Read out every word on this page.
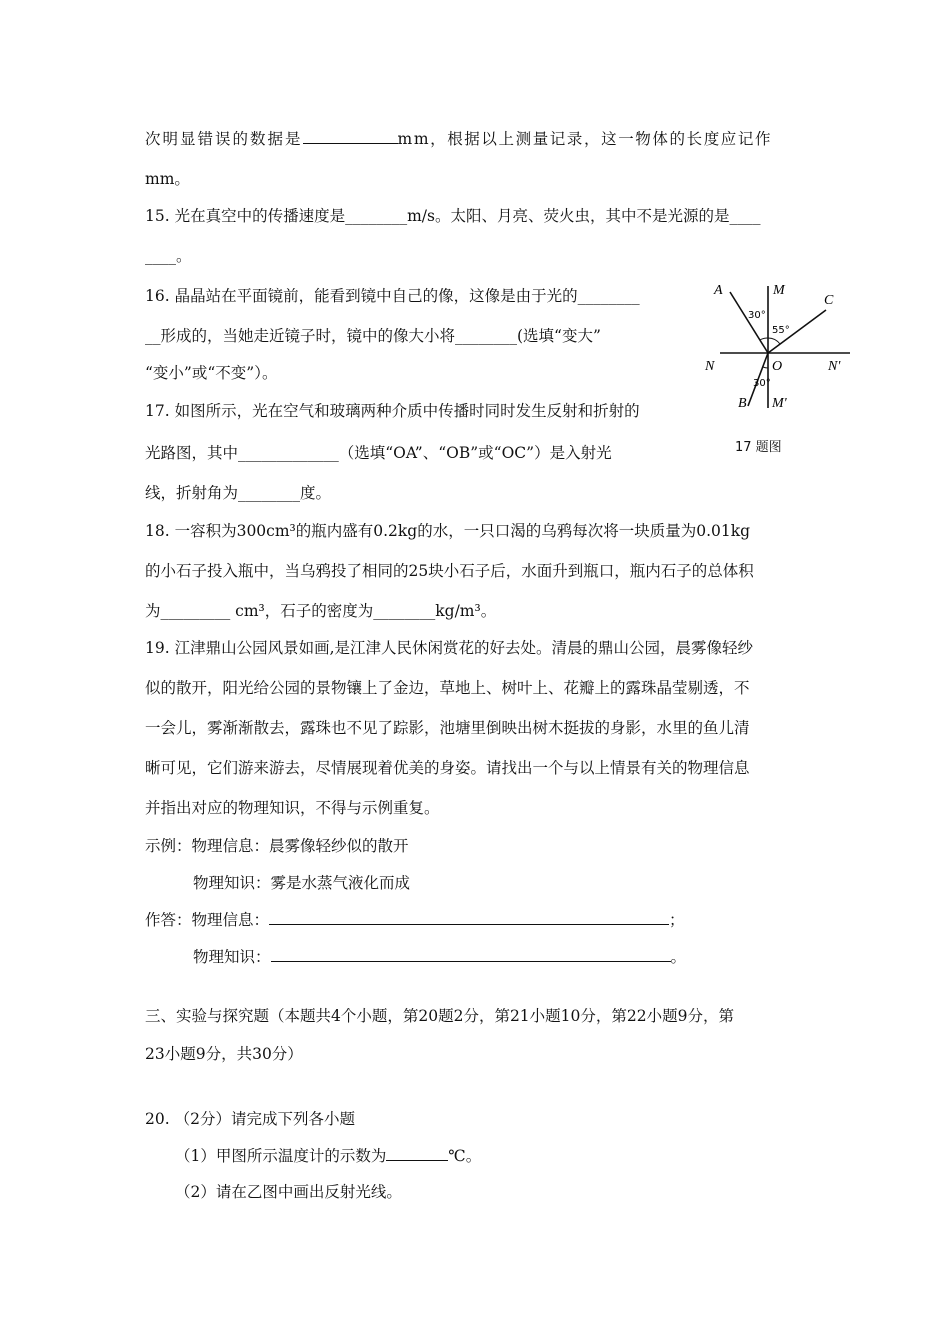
次明显错误的数据是	mm，根据以上测量记录，这一物体的长度应记作
mm。
15. 光在真空中的传播速度是________m/s。太阳、月亮、荧火虫，其中不是光源的是____
____。
16. 晶晶站在平面镜前，能看到镜中自己的像，这像是由于光的________
__形成的，当她走近镜子时，镜中的像大小将________(选填“变大”
“变小”或“不变”）。
17. 如图所示，光在空气和玻璃两种介质中传播时同时发生反射和折射的
光路图，其中_____________（选填“OA”、“OB”或“OC”）是入射光
线，折射角为________度。
18. 一容积为300cm³的瓶内盛有0.2kg的水，一只口渴的乌鸦每次将一块质量为0.01kg
的小石子投入瓶中，当乌鸦投了相同的25块小石子后，水面升到瓶口，瓶内石子的总体积
为_________ cm³，石子的密度为________kg/m³。
19. 江津鼎山公园风景如画,是江津人民休闲赏花的好去处。清晨的鼎山公园，晨雾像轻纱
似的散开，阳光给公园的景物镶上了金边，草地上、树叶上、花瓣上的露珠晶莹剔透，不
一会儿，雾渐渐散去，露珠也不见了踪影，池塘里倒映出树木挺拔的身影，水里的鱼儿清
晰可见，它们游来游去，尽情展现着优美的身姿。请找出一个与以上情景有关的物理信息
并指出对应的物理知识，不得与示例重复。
示例：物理信息：晨雾像轻纱似的散开
物理知识：雾是水蒸气液化而成
作答：物理信息：	；
物理知识：	。
三、实验与探究题（本题共4个小题，第20题2分，第21小题10分，第22小题9分，第
23小题9分，共30分）
20. （2分）请完成下列各小题
（1）甲图所示温度计的示数为	℃。
（2）请在乙图中画出反射光线。
A	M
C
N	O	N'
B M'
30°
55°
30°
17 题图
